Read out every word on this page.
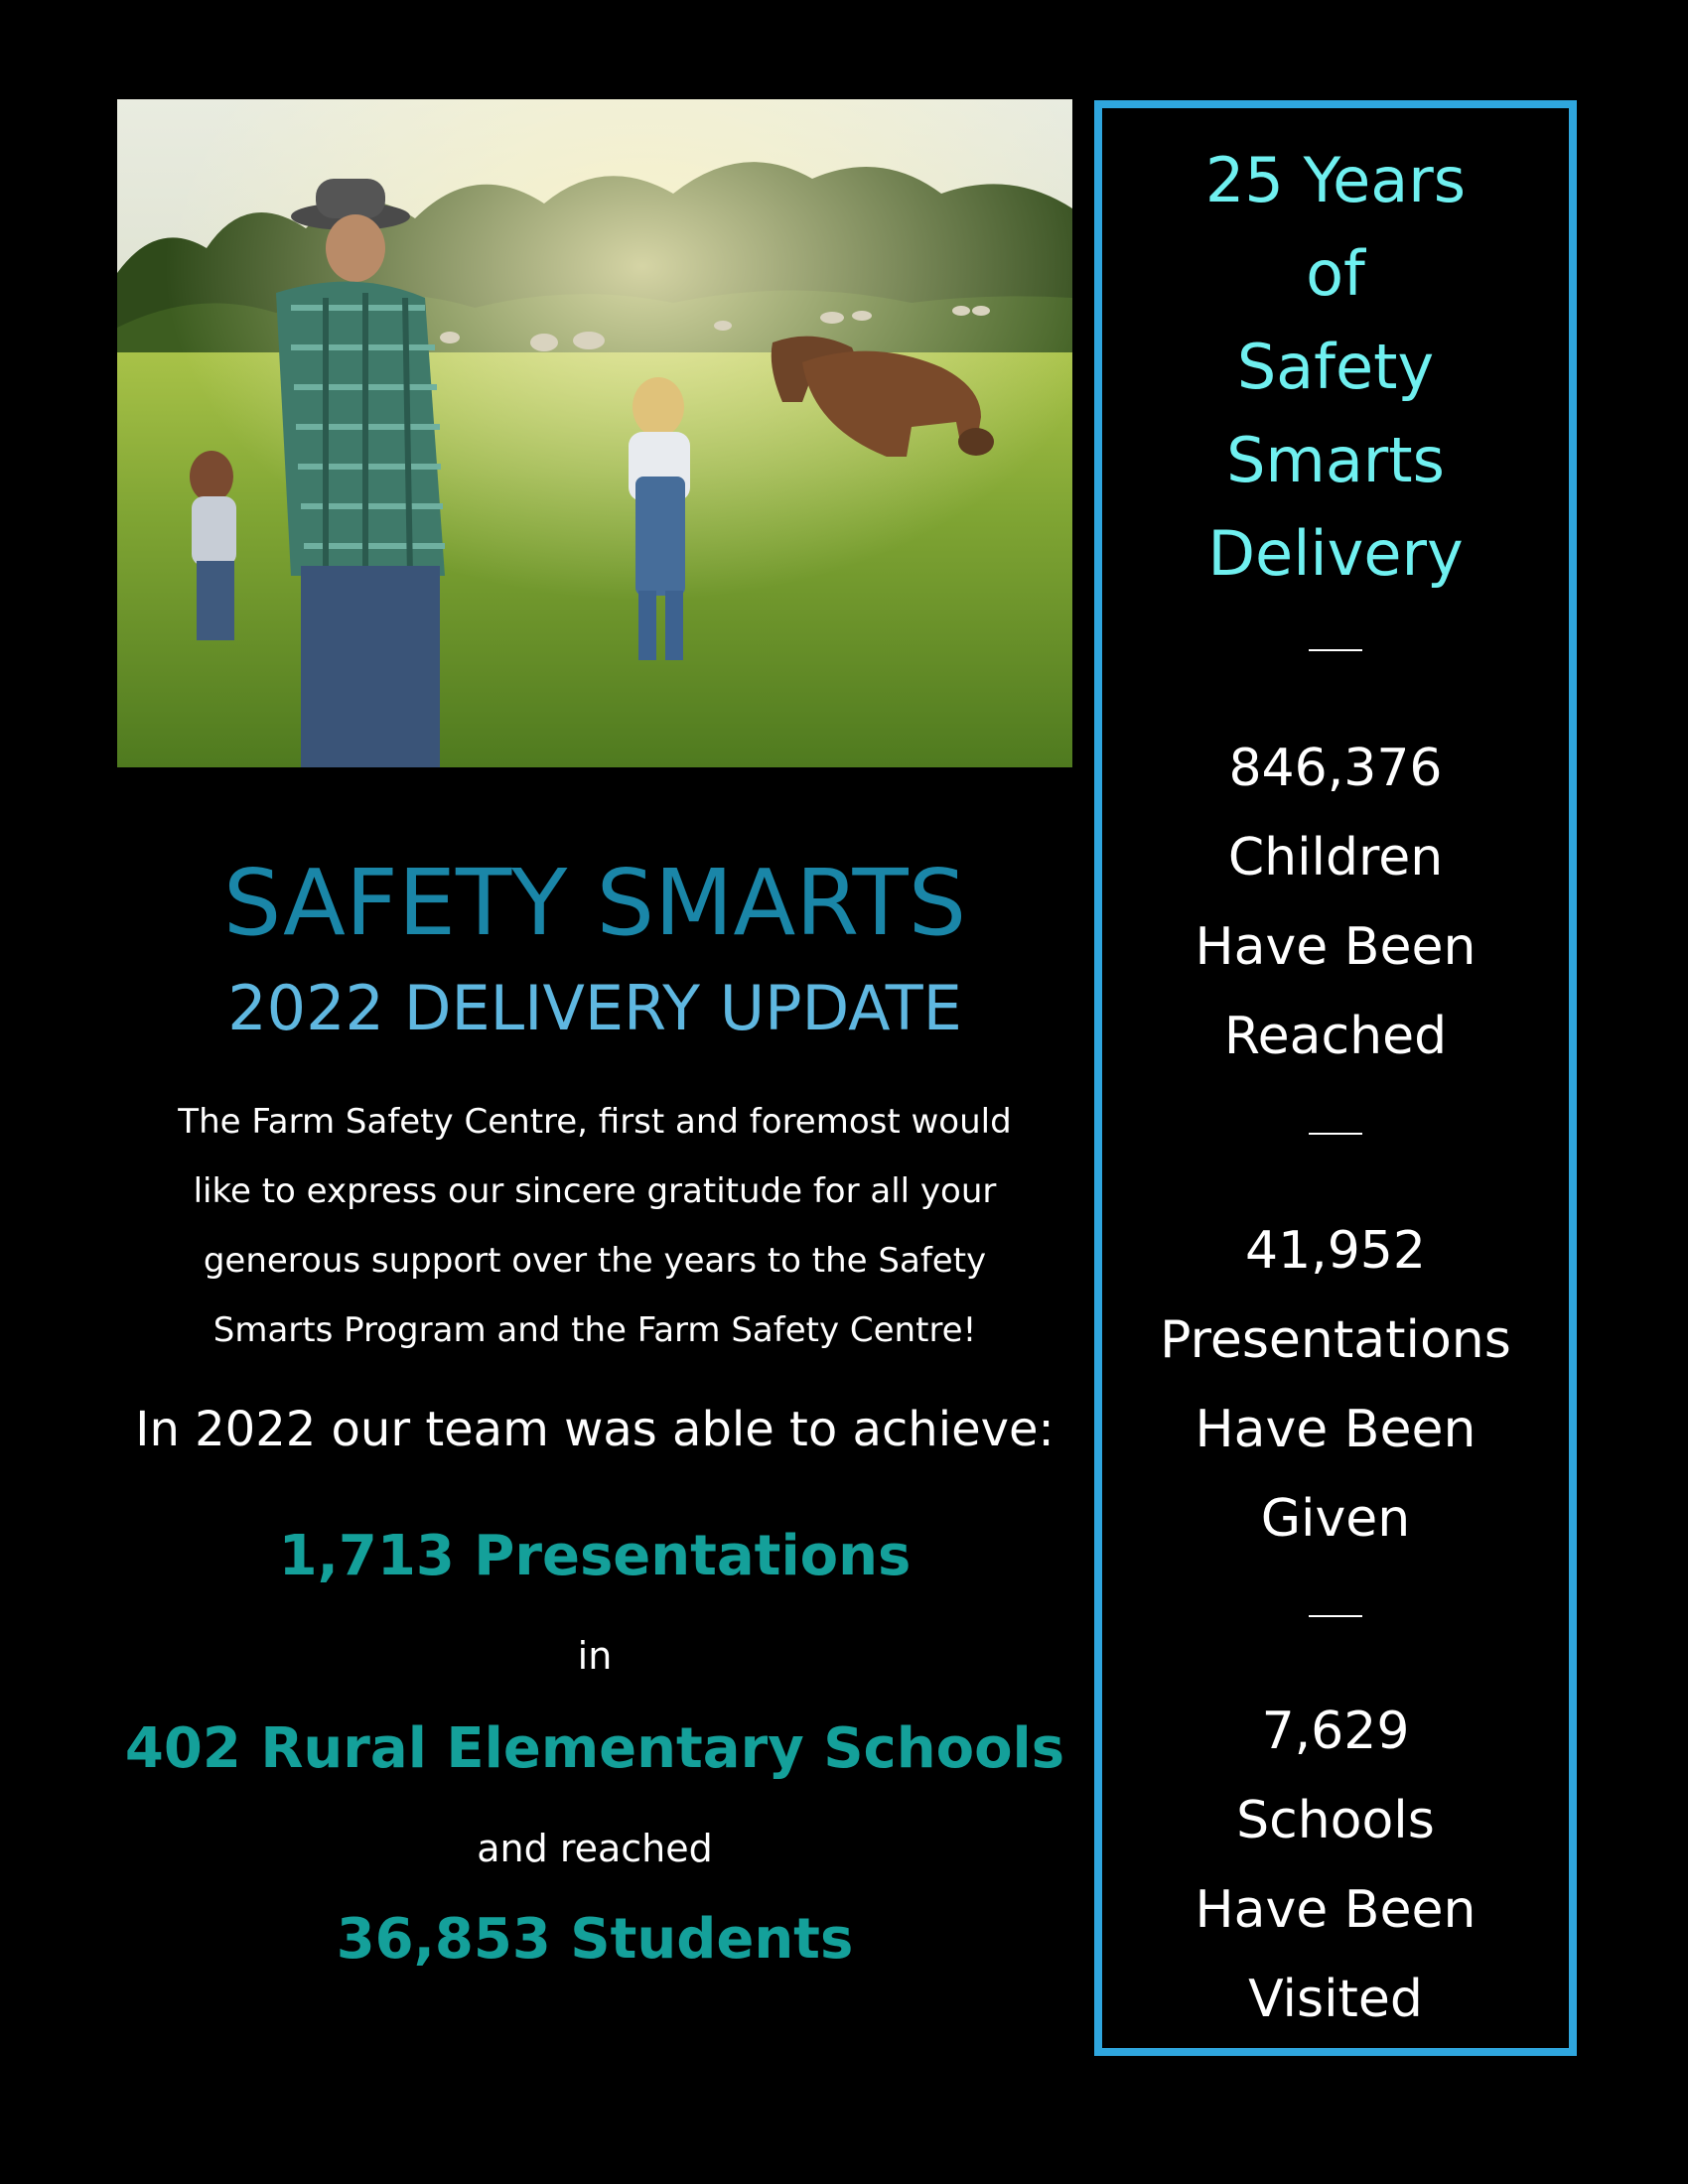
SAFETY SMARTS
2022 DELIVERY UPDATE
The Farm Safety Centre, first and foremost would
like to express our sincere gratitude for all your
generous support over the years to the Safety
Smarts Program and the Farm Safety Centre!
In 2022 our team was able to achieve:
1,713 Presentations
in
402 Rural Elementary Schools
and reached
36,853 Students
25 Years
of
Safety
Smarts
Delivery
846,376
Children
Have Been
Reached
41,952
Presentations
Have Been
Given
7,629
Schools
Have Been
Visited
